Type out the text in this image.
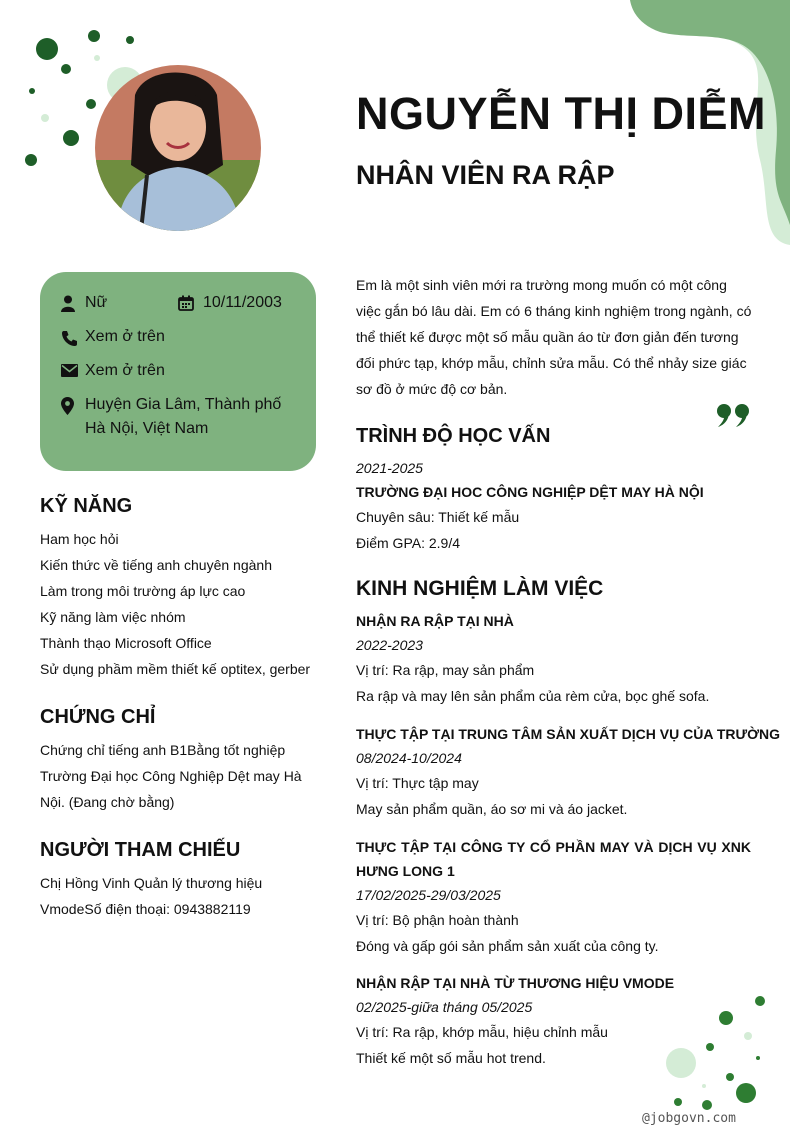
NGUYỄN THỊ DIỄM
NHÂN VIÊN RA RẬP
Nữ	10/11/2003
Xem ở trên
Xem ở trên
Huyện Gia Lâm, Thành phố
Hà Nội, Việt Nam
KỸ NĂNG
Ham học hỏi
Kiến thức về tiếng anh chuyên ngành
Làm trong môi trường áp lực cao
Kỹ năng làm việc nhóm
Thành thạo Microsoft Office
Sử dụng phầm mềm thiết kế optitex, gerber
CHỨNG CHỈ
Chứng chỉ tiếng anh B1Bằng tốt nghiệp
Trường Đại học Công Nghiệp Dệt may Hà
Nội. (Đang chờ bằng)
NGƯỜI THAM CHIẾU
Chị Hồng Vinh Quản lý thương hiệu
VmodeSố điện thoại: 0943882119

Em là một sinh viên mới ra trường mong muốn có một công việc gắn bó lâu dài. Em có 6 tháng kinh nghiệm trong ngành, có thể thiết kế được một số mẫu quần áo từ đơn giản đến tương đối phức tạp, khớp mẫu, chỉnh sửa mẫu. Có thể nhảy size giác sơ đồ ở mức độ cơ bản.

TRÌNH ĐỘ HỌC VẤN
2021-2025
TRƯỜNG ĐẠI HOC CÔNG NGHIỆP DỆT MAY HÀ NỘI
Chuyên sâu: Thiết kế mẫu
Điểm GPA: 2.9/4
KINH NGHIỆM LÀM VIỆC
NHẬN RA RẬP TẠI NHÀ
2022-2023
Vị trí: Ra rập, may sản phẩm
Ra rập và may lên sản phẩm của rèm cửa, bọc ghế sofa.
THỰC TẬP TẠI TRUNG TÂM SẢN XUẤT DỊCH VỤ CỦA TRƯỜNG
08/2024-10/2024
Vị trí: Thực tập may
May sản phẩm quần, áo sơ mi và áo jacket.
THỰC TẬP TẠI CÔNG TY CỔ PHẦN MAY VÀ DỊCH VỤ XNK HƯNG LONG 1
17/02/2025-29/03/2025
Vị trí: Bộ phận hoàn thành
Đóng và gấp gói sản phẩm sản xuất của công ty.
NHẬN RẬP TẠI NHÀ TỪ THƯƠNG HIỆU VMODE
02/2025-giữa tháng 05/2025
Vị trí: Ra rập, khớp mẫu, hiệu chỉnh mẫu
Thiết kế một số mẫu hot trend.
@jobgovn.com
